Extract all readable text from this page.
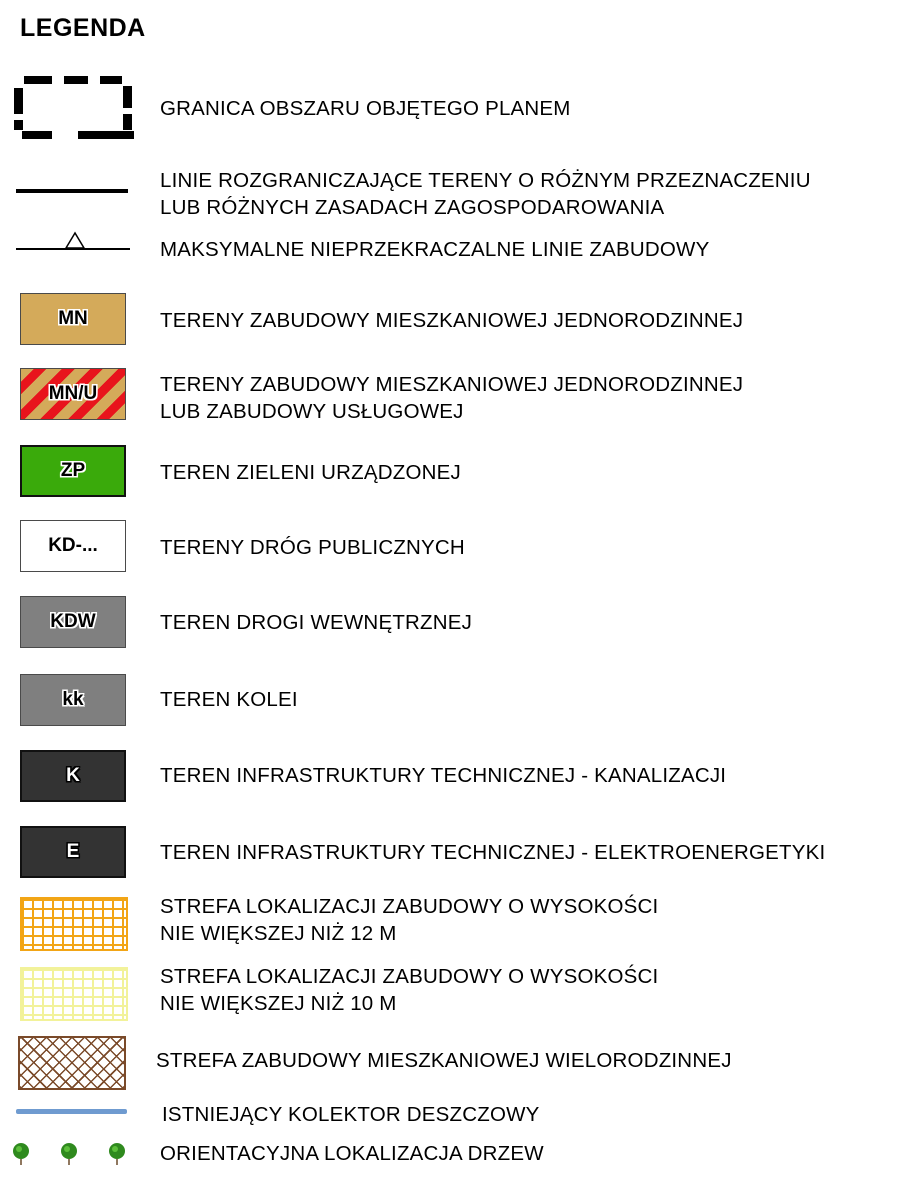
LEGENDA
GRANICA OBSZARU OBJĘTEGO PLANEM
LINIE ROZGRANICZAJĄCE TERENY O RÓŻNYM PRZEZNACZENIU
LUB RÓŻNYCH ZASADACH ZAGOSPODAROWANIA
MAKSYMALNE NIEPRZEKRACZALNE LINIE ZABUDOWY
MN	TERENY ZABUDOWY MIESZKANIOWEJ JEDNORODZINNEJ
MN/U	TERENY ZABUDOWY MIESZKANIOWEJ JEDNORODZINNEJ
LUB ZABUDOWY USŁUGOWEJ
ZP	TEREN ZIELENI URZĄDZONEJ
KD-...	TERENY DRÓG PUBLICZNYCH
KDW	TEREN DROGI WEWNĘTRZNEJ
kk	TEREN KOLEI
K	TEREN INFRASTRUKTURY TECHNICZNEJ - KANALIZACJI
E	TEREN INFRASTRUKTURY TECHNICZNEJ - ELEKTROENERGETYKI
STREFA LOKALIZACJI ZABUDOWY O WYSOKOŚCI
NIE WIĘKSZEJ NIŻ 12 M
STREFA LOKALIZACJI ZABUDOWY O WYSOKOŚCI
NIE WIĘKSZEJ NIŻ 10 M
STREFA ZABUDOWY MIESZKANIOWEJ WIELORODZINNEJ
ISTNIEJĄCY KOLEKTOR DESZCZOWY
ORIENTACYJNA LOKALIZACJA DRZEW
